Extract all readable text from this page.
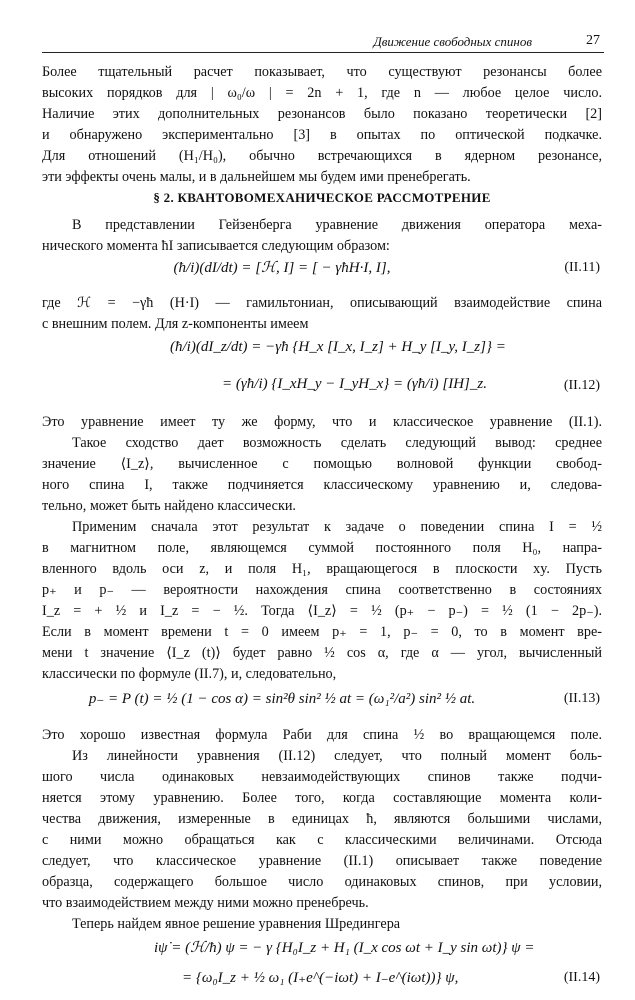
Движение свободных спинов	27
Более тщательный расчет показывает, что существуют резонансы более
высоких порядков для | ω₀/ω | = 2n + 1, где n — любое целое число.
Наличие этих дополнительных резонансов было показано теоретически [2]
и обнаружено экспериментально [3] в опытах по оптической подкачке.
Для отношений (H₁/H₀), обычно встречающихся в ядерном резонансе,
эти эффекты очень малы, и в дальнейшем мы будем ими пренебрегать.
§ 2. КВАНТОВОМЕХАНИЧЕСКОЕ РАССМОТРЕНИЕ
В представлении Гейзенберга уравнение движения оператора меха-
нического момента ħI записывается следующим образом:
(ħ/i)(dI/dt) = [ℋ, I] = [ − γħH·I, I],	(II.11)
где ℋ = −γħ (H·I) — гамильтониан, описывающий взаимодействие спина
с внешним полем. Для z-компоненты имеем
(ħ/i)(dI_z/dt) = −γħ {H_x [I_x, I_z] + H_y [I_y, I_z]} =
= (γħ/i) {I_xH_y − I_yH_x} = (γħ/i) [IH]_z.	(II.12)
Это уравнение имеет ту же форму, что и классическое уравнение (II.1).
Такое сходство дает возможность сделать следующий вывод: среднее
значение ⟨I_z⟩, вычисленное с помощью волновой функции свобод-
ного спина I, также подчиняется классическому уравнению и, следова-
тельно, может быть найдено классически.
Применим сначала этот результат к задаче о поведении спина I = ½
в магнитном поле, являющемся суммой постоянного поля H₀, напра-
вленного вдоль оси z, и поля H₁, вращающегося в плоскости xy. Пусть
p₊ и p₋ — вероятности нахождения спина соответственно в состояниях
I_z = + ½ и I_z = − ½. Тогда ⟨I_z⟩ = ½ (p₊ − p₋) = ½ (1 − 2p₋).
Если в момент времени t = 0 имеем p₊ = 1, p₋ = 0, то в момент вре-
мени t значение ⟨I_z (t)⟩ будет равно ½ cos α, где α — угол, вычисленный
классически по формуле (II.7), и, следовательно,
p₋ = P (t) = ½ (1 − cos α) = sin²θ sin² ½ at = (ω₁²/a²) sin² ½ at.	(II.13)
Это хорошо известная формула Раби для спина ½ во вращающемся поле.
Из линейности уравнения (II.12) следует, что полный момент боль-
шого числа одинаковых невзаимодействующих спинов также подчи-
няется этому уравнению. Более того, когда составляющие момента коли-
чества движения, измеренные в единицах ħ, являются большими числами,
с ними можно обращаться как с классическими величинами. Отсюда
следует, что классическое уравнение (II.1) описывает также поведение
образца, содержащего большое число одинаковых спинов, при условии,
что взаимодействием между ними можно пренебречь.
Теперь найдем явное решение уравнения Шредингера
iψ̇ = (ℋ/ħ) ψ = − γ {H₀I_z + H₁ (I_x cos ωt + I_y sin ωt)} ψ =
= {ω₀I_z + ½ ω₁ (I₊e^(−iωt) + I₋e^(iωt))} ψ,	(II.14)
